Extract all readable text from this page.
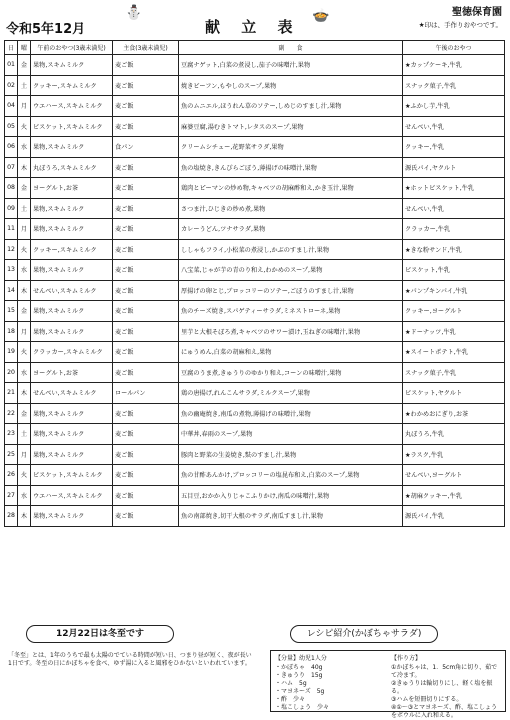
令和5年12月
⛄
献 立 表
🍲	聖徳保育園
★印は、手作りおやつです。
日	曜	午前のおやつ(3歳未満児)	主食(3歳未満児)	副　　食	午後のおやつ
01	金	果物,スキムミルク	麦ご飯	豆腐ナゲット,白菜の煮浸し,茄子の味噌汁,果物	★カップケーキ,牛乳
02	土	クッキー,スキムミルク	麦ご飯	焼きビーフン,もやしのスープ,果物	スナック菓子,牛乳
04	月	ウエハース,スキムミルク	麦ご飯	魚のムニエル,ほうれん草のソテー,しめじのすまし汁,果物	★ふかし芋,牛乳
05	火	ビスケット,スキムミルク	麦ご飯	麻婆豆腐,湯むきトマト,レタスのスープ,果物	せんべい,牛乳
06	水	果物,スキムミルク	食パン	クリームシチュー,花野菜サラダ,果物	クッキー,牛乳
07	木	丸ぼうろ,スキムミルク	麦ご飯	魚の塩焼き,きんぴらごぼう,薄揚げの味噌汁,果物	源氏パイ,ヤクルト
08	金	ヨーグルト,お茶	麦ご飯	鶏肉とピーマンの炒め物,キャベツの胡麻酢和え,かき玉汁,果物	★ホットビスケット,牛乳
09	土	果物,スキムミルク	麦ご飯	さつま汁,ひじきの炒め煮,果物	せんべい,牛乳
11	月	果物,スキムミルク	麦ご飯	カレーうどん,ツナサラダ,果物	クラッカー,牛乳
12	火	クッキー,スキムミルク	麦ご飯	ししゃもフライ,小松菜の煮浸し,かぶのすまし汁,果物	★きな粉サンド,牛乳
13	水	果物,スキムミルク	麦ご飯	八宝菜,じゃが芋の青のり和え,わかめのスープ,果物	ビスケット,牛乳
14	木	せんべい,スキムミルク	麦ご飯	厚揚げの卵とじ,ブロッコリーのソテー,ごぼうのすまし汁,果物	★パンプキンパイ,牛乳
15	金	果物,スキムミルク	麦ご飯	魚のチーズ焼き,スパゲティーサラダ,ミネストローネ,果物	クッキー,ヨーグルト
18	月	果物,スキムミルク	麦ご飯	里芋と大根そぼろ煮,キャベツのサワー漬け,玉ねぎの味噌汁,果物	★ドーナッツ,牛乳
19	火	クラッカー,スキムミルク	麦ご飯	にゅうめん,白菜の胡麻和え,果物	★スイートポテト,牛乳
20	水	ヨーグルト,お茶	麦ご飯	豆腐のうま煮,きゅうりのゆかり和え,コーンの味噌汁,果物	スナック菓子,牛乳
21	木	せんべい,スキムミルク	ロールパン	鶏の唐揚げ,れんこんサラダ,ミルクスープ,果物	ビスケット,ヤクルト
22	金	果物,スキムミルク	麦ご飯	魚の幽庵焼き,南瓜の煮物,薄揚げの味噌汁,果物	★わかめおにぎり,お茶
23	土	果物,スキムミルク	麦ご飯	中華丼,春雨のスープ,果物	丸ぼうろ,牛乳
25	月	果物,スキムミルク	麦ご飯	豚肉と野菜の生姜焼き,麩のすまし汁,果物	★ラスク,牛乳
26	火	ビスケット,スキムミルク	麦ご飯	魚の甘酢あんかけ,ブロッコリーの塩昆布和え,白菜のスープ,果物	せんべい,ヨーグルト
27	水	ウエハース,スキムミルク	麦ご飯	五目豆,おかか入りじゃこふりかけ,南瓜の味噌汁,果物	★胡麻クッキー,牛乳
28	木	果物,スキムミルク	麦ご飯	魚の南部焼き,切干大根のサラダ,南瓜すまし汁,果物	源氏パイ,牛乳
12月22日は冬至です	レシピ紹介(かぼちゃサラダ)
「冬至」とは、1年のうちで最も太陽のでている時間が短い日、つまり昼が短く、夜が長い1日です。冬至の日にかぼちゃを食べ、ゆず湯に入ると風邪をひかないといわれています。
【分量】幼児1人分	【作り方】
・かぼちゃ　40g
・きゅうり　15g
・ハム　5g
・マヨネーズ　5g
・酢　少々
・塩こしょう　少々
①かぼちゃは、1．5cm角に切り、茹でて冷ます。
②きゅうりは輪切りにし、軽く塩を振る。
③ハムを短冊切りにする。
④①～③とマヨネーズ、酢、塩こしょうをボウルに入れ和える。
